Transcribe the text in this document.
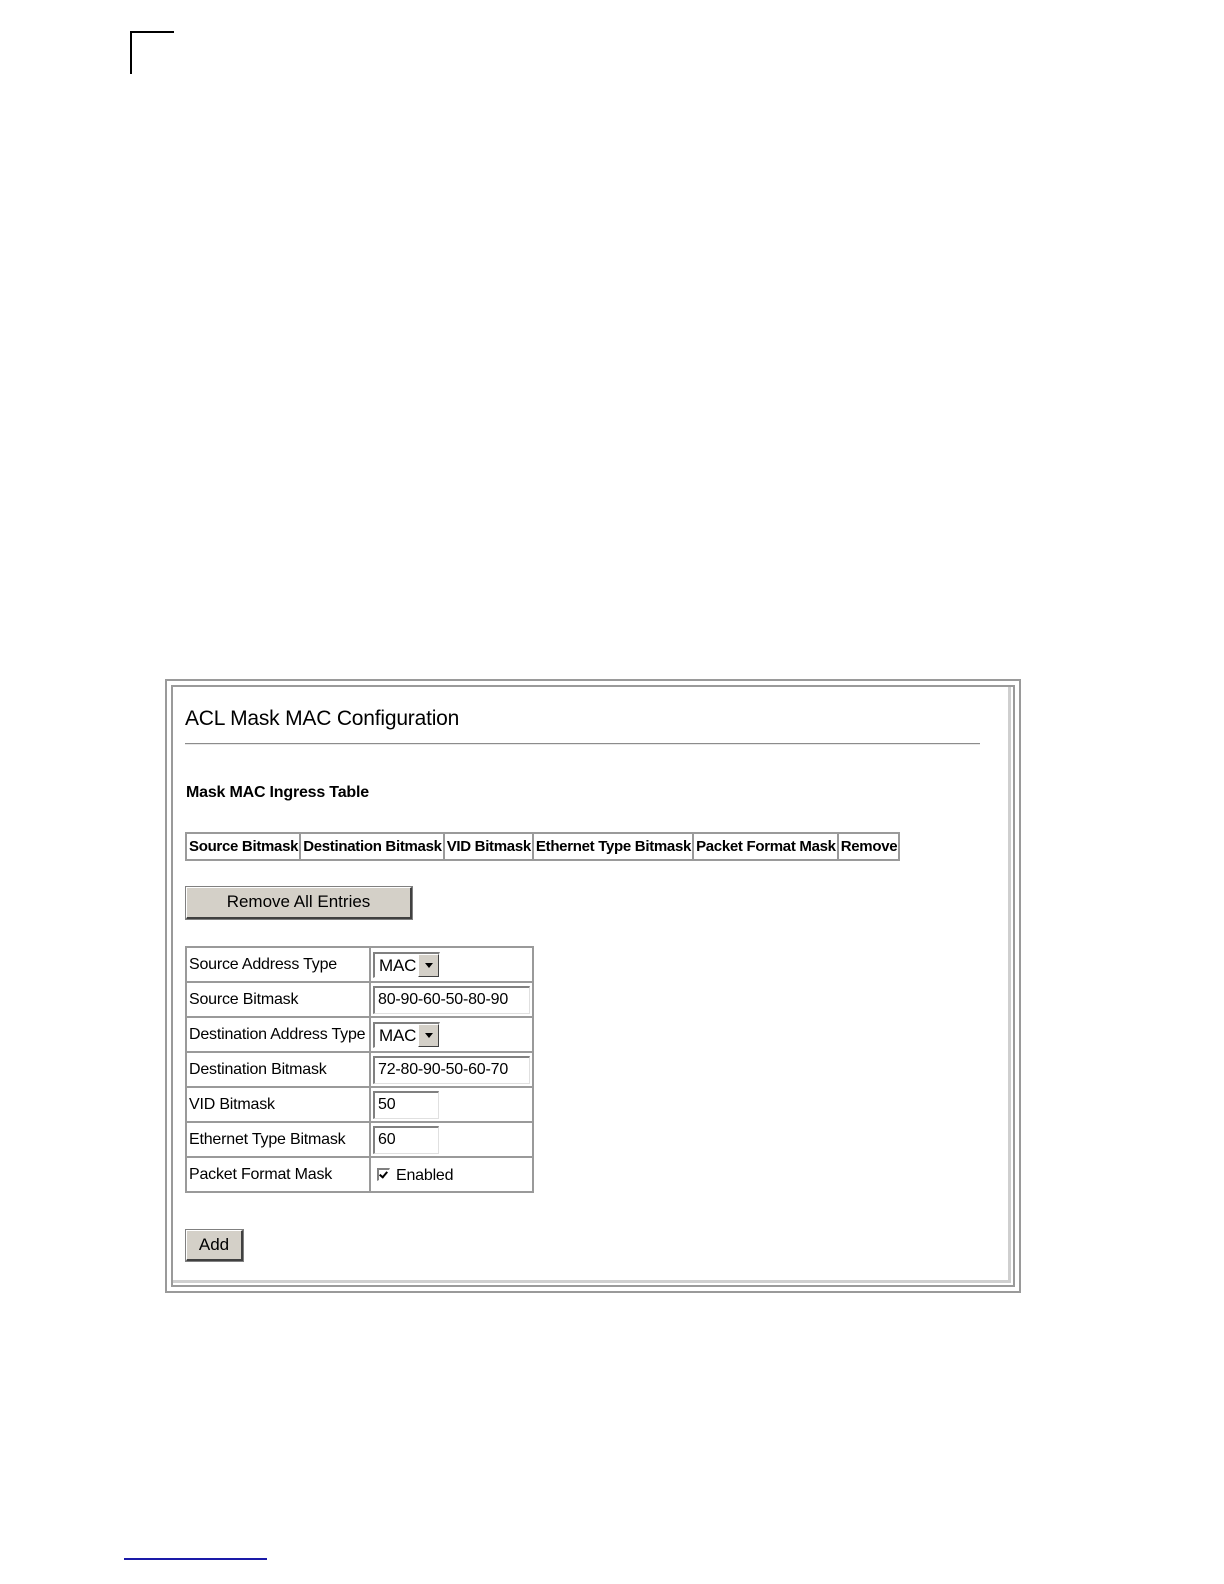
ACL Mask MAC Configuration
Mask MAC Ingress Table
Source Bitmask	Destination Bitmask	VID Bitmask	Ethernet Type Bitmask	Packet Format Mask	Remove
Remove All Entries
Source Address Type	MAC

Source Bitmask	80-90-60-50-80-90
Destination Address Type	MAC

Destination Bitmask	72-80-90-50-60-70
VID Bitmask	50
Ethernet Type Bitmask	60
Packet Format Mask	Enabled
Add
